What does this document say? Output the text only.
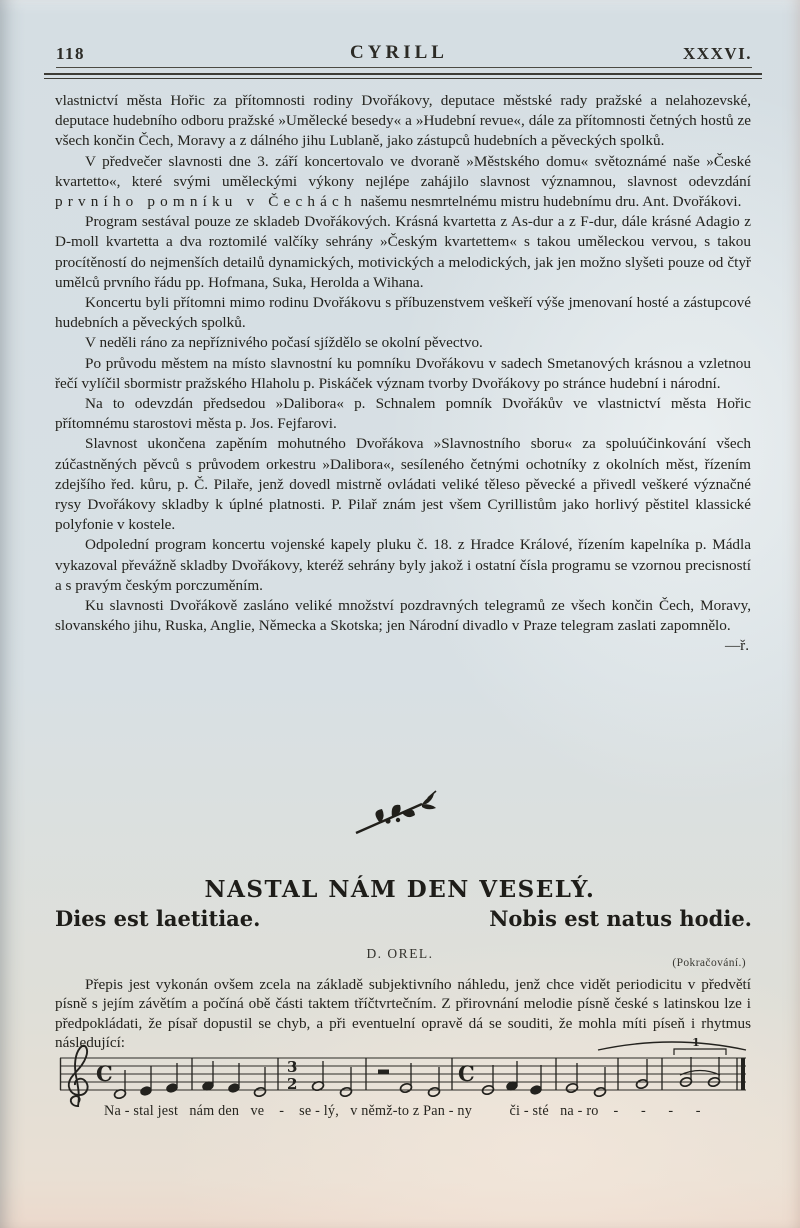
118	CYRILL	XXXVI.

vlastnictví města Hořic za přítomnosti rodiny Dvořákovy, deputace městské rady pražské a nelahozevské, deputace hudebního odboru pražské »Umělecké besedy« a »Hudební revue«, dále za přítomnosti četných hostů ze všech končin Čech, Moravy a z dálného jihu Lublaně, jako zástupců hudebních a pěveckých spolků.

V předvečer slavnosti dne 3. září koncertovalo ve dvoraně »Městského domu« světoznámé naše »České kvartetto«, které svými uměleckými výkony nejlépe zahájilo slavnost významnou, slavnost odevzdání prvního pomníku v Čechách našemu nesmrtelnému mistru hudebnímu dru. Ant. Dvořákovi.

Program sestával pouze ze skladeb Dvořákových. Krásná kvartetta z As-dur a z F-dur, dále krásné Adagio z D-moll kvartetta a dva roztomilé valčíky sehrány »Českým kvartettem« s takou uměleckou vervou, s takou procítěností do nejmenších detailů dynamických, motivických a melodických, jak jen možno slyšeti pouze od čtyř umělců prvního řádu pp. Hofmana, Suka, Herolda a Wihana.

Koncertu byli přítomni mimo rodinu Dvořákovu s příbuzenstvem veškeří výše jmenovaní hosté a zástupcové hudebních a pěveckých spolků.

V neděli ráno za nepříznivého počasí sjíždělo se okolní pěvectvo.

Po průvodu městem na místo slavnostní ku pomníku Dvořákovu v sadech Smetanových krásnou a vzletnou řečí vylíčil sbormistr pražského Hlaholu p. Piskáček význam tvorby Dvořákovy po stránce hudební i národní.

Na to odevzdán předsedou »Dalibora« p. Schnalem pomník Dvořákův ve vlastnictví města Hořic přítomnému starostovi města p. Jos. Fejfarovi.

Slavnost ukončena zapěním mohutného Dvořákova »Slavnostního sboru« za spoluúčinkování všech zúčastněných pěvců s průvodem orkestru »Dalibora«, sesíleného četnými ochotníky z okolních měst, řízením zdejšího řed. kůru, p. Č. Pilaře, jenž dovedl mistrně ovládati veliké těleso pěvecké a přivedl veškeré význačné rysy Dvořákovy skladby k úplné platnosti. P. Pilař znám jest všem Cyrillistům jako horlivý pěstitel klassické polyfonie v kostele.

Odpolední program koncertu vojenské kapely pluku č. 18. z Hradce Králové, řízením kapelníka p. Mádla vykazoval převážně skladby Dvořákovy, kteréž sehrány byly jakož i ostatní čísla programu se vzornou precisností a s pravým českým porczuměním.

Ku slavnosti Dvořákově zasláno veliké množství pozdravných telegramů ze všech končin Čech, Moravy, slovanského jihu, Ruska, Anglie, Německa a Skotska; jen Národní divadlo v Praze telegram zaslati zapomnělo.
—ř.

NASTAL NÁM DEN VESELÝ.
Dies est laetitiae.	Nobis est natus hodie.
D. OREL.
(Pokračování.)

Přepis jest vykonán ovšem zcela na základě subjektivního náhledu, jenž chce vidět periodicitu v předvětí písně s jejím závětím a počíná obě části taktem tříčtvrtečním. Z přirovnání melodie písně české s latinskou lze i předpokládati, že písař dopustil se chyb, a při eventuelní opravě dá se souditi, že mohla míti píseň i rhytmus následující:

C	3
2	C
1
Na - stal jest   nám den   ve    -    se - lý,   v němž-to z Pan - ny          či - sté   na - ro    -      -      -      -
